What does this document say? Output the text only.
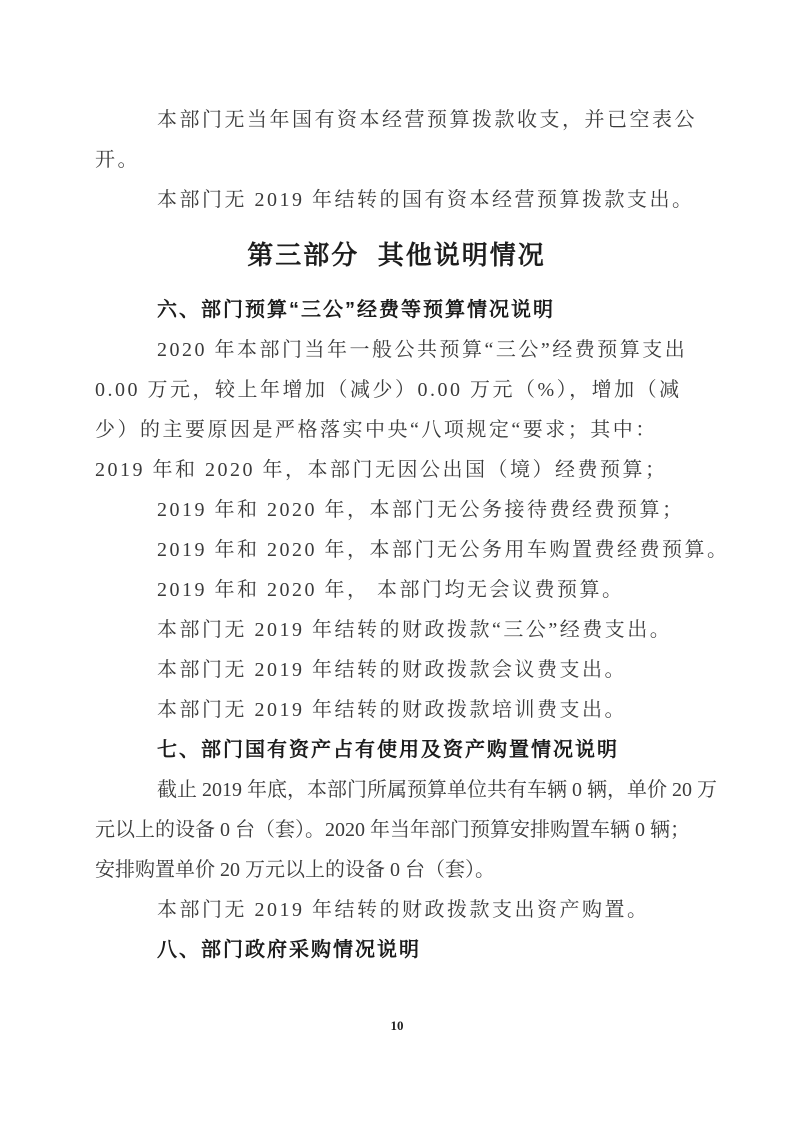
本部门无当年国有资本经营预算拨款收支，并已空表公

开。

本部门无 2019 年结转的国有资本经营预算拨款支出。

第三部分 其他说明情况
六、部门预算“三公”经费等预算情况说明

2020 年本部门当年一般公共预算“三公”经费预算支出

0.00 万元，较上年增加（减少）0.00 万元（%），增加（减

少）的主要原因是严格落实中央“八项规定“要求；其中：

2019 年和 2020 年，本部门无因公出国（境）经费预算；

2019 年和 2020 年，本部门无公务接待费经费预算；

2019 年和 2020 年，本部门无公务用车购置费经费预算。

2019 年和 2020 年， 本部门均无会议费预算。

本部门无 2019 年结转的财政拨款“三公”经费支出。

本部门无 2019 年结转的财政拨款会议费支出。

本部门无 2019 年结转的财政拨款培训费支出。

七、部门国有资产占有使用及资产购置情况说明

截止 2019 年底，本部门所属预算单位共有车辆 0 辆，单价 20 万

元以上的设备 0 台（套）。2020 年当年部门预算安排购置车辆 0 辆；

安排购置单价 20 万元以上的设备 0 台（套）。

本部门无 2019 年结转的财政拨款支出资产购置。

八、部门政府采购情况说明
10
